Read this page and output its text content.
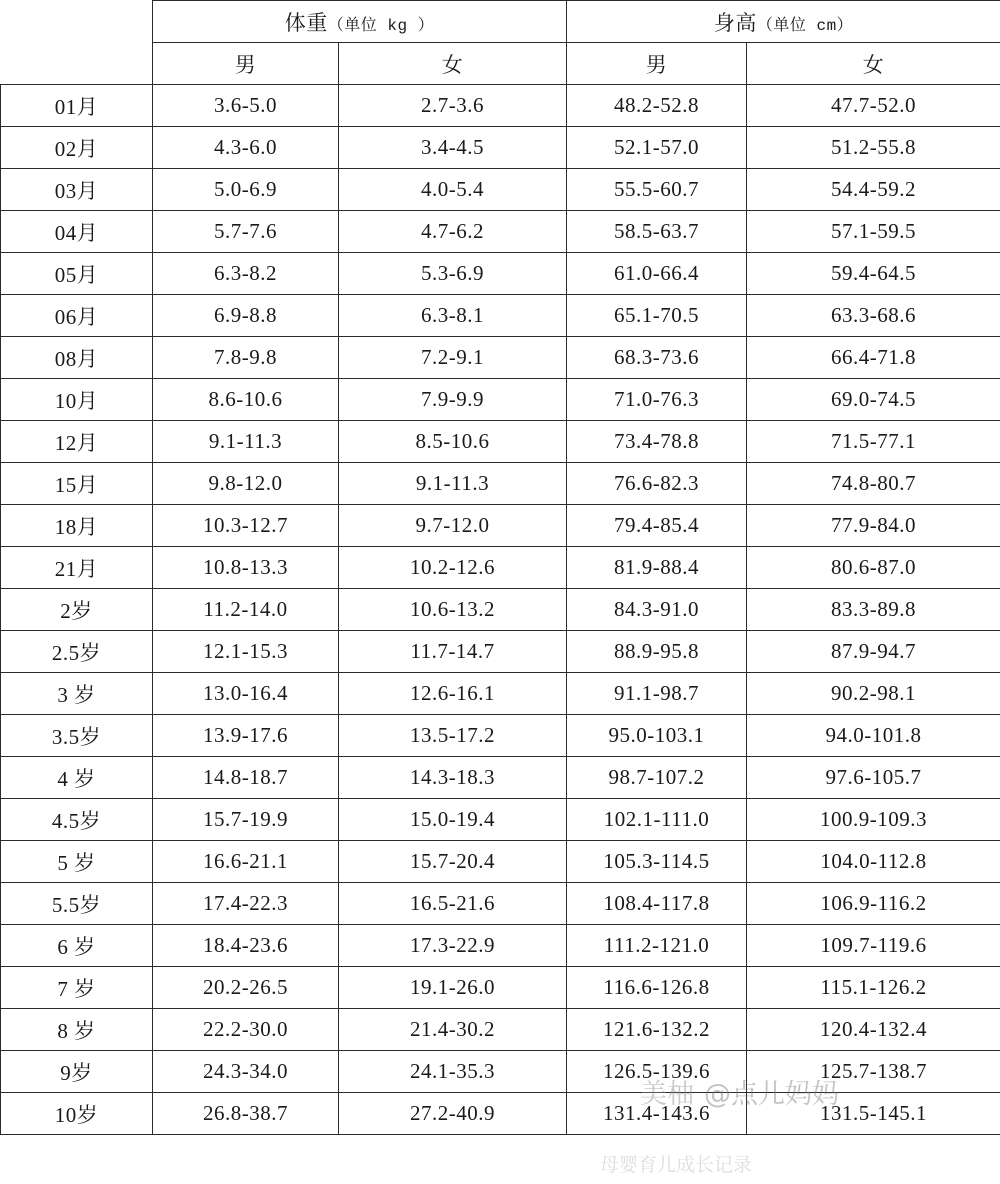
	体重（单位 kg ）		身高（单位 cm）	
	男	女	男	女
01月	3.6-5.0	2.7-3.6	48.2-52.8	47.7-52.0
02月	4.3-6.0	3.4-4.5	52.1-57.0	51.2-55.8
03月	5.0-6.9	4.0-5.4	55.5-60.7	54.4-59.2
04月	5.7-7.6	4.7-6.2	58.5-63.7	57.1-59.5
05月	6.3-8.2	5.3-6.9	61.0-66.4	59.4-64.5
06月	6.9-8.8	6.3-8.1	65.1-70.5	63.3-68.6
08月	7.8-9.8	7.2-9.1	68.3-73.6	66.4-71.8
10月	8.6-10.6	7.9-9.9	71.0-76.3	69.0-74.5
12月	9.1-11.3	8.5-10.6	73.4-78.8	71.5-77.1
15月	9.8-12.0	9.1-11.3	76.6-82.3	74.8-80.7
18月	10.3-12.7	9.7-12.0	79.4-85.4	77.9-84.0
21月	10.8-13.3	10.2-12.6	81.9-88.4	80.6-87.0
2岁	11.2-14.0	10.6-13.2	84.3-91.0	83.3-89.8
2.5岁	12.1-15.3	11.7-14.7	88.9-95.8	87.9-94.7
3 岁	13.0-16.4	12.6-16.1	91.1-98.7	90.2-98.1
3.5岁	13.9-17.6	13.5-17.2	95.0-103.1	94.0-101.8
4 岁	14.8-18.7	14.3-18.3	98.7-107.2	97.6-105.7
4.5岁	15.7-19.9	15.0-19.4	102.1-111.0	100.9-109.3
5 岁	16.6-21.1	15.7-20.4	105.3-114.5	104.0-112.8
5.5岁	17.4-22.3	16.5-21.6	108.4-117.8	106.9-116.2
6 岁	18.4-23.6	17.3-22.9	111.2-121.0	109.7-119.6
7 岁	20.2-26.5	19.1-26.0	116.6-126.8	115.1-126.2
8 岁	22.2-30.0	21.4-30.2	121.6-132.2	120.4-132.4
9岁	24.3-34.0	24.1-35.3	126.5-139.6	125.7-138.7
10岁	26.8-38.7	27.2-40.9	131.4-143.6	131.5-145.1
美柚 @点儿妈妈
母婴育儿成长记录
